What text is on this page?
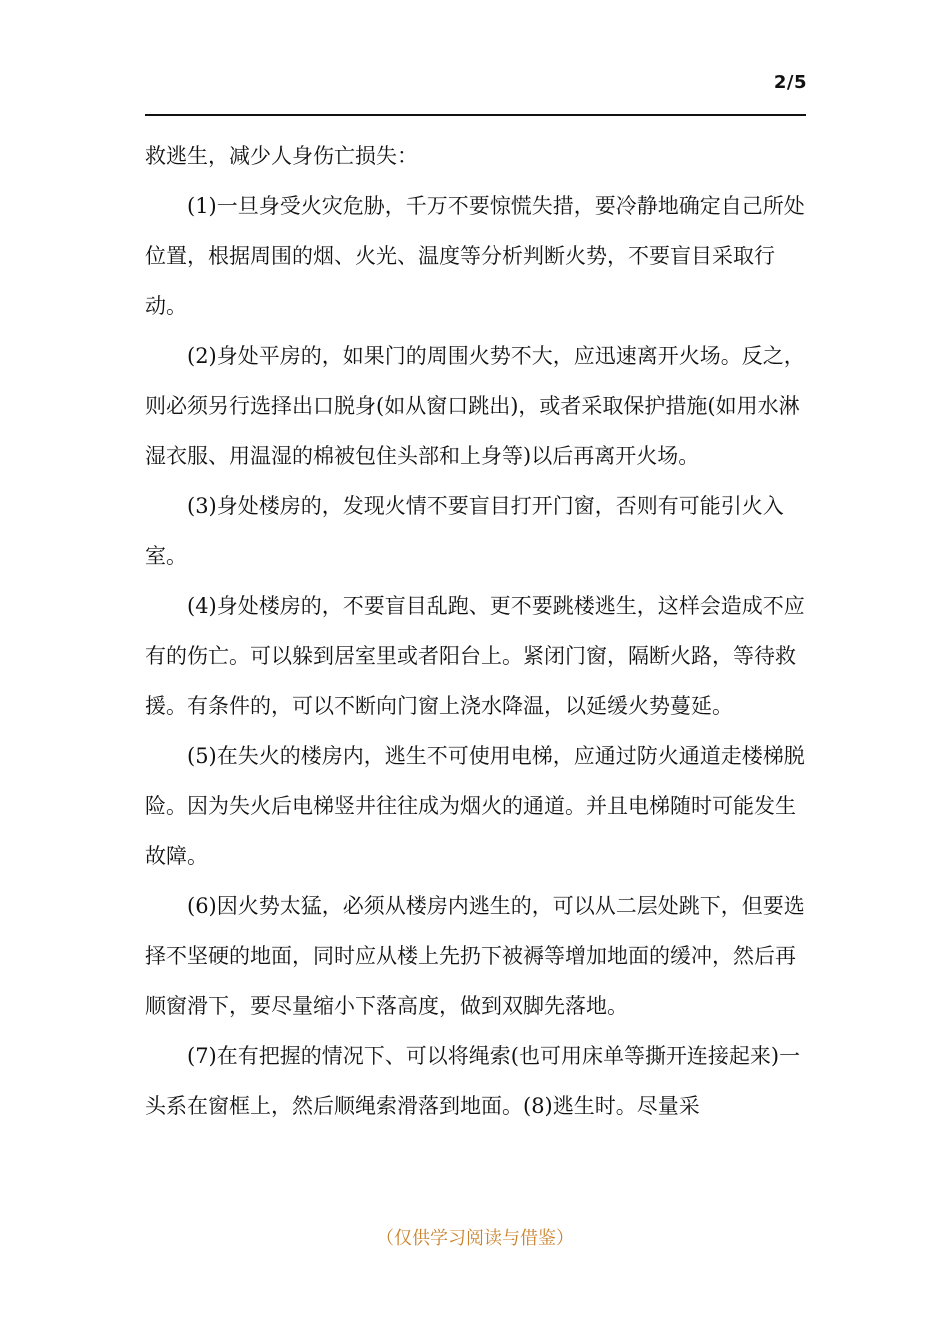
2/5

救逃生，减少人身伤亡损失：

(1)一旦身受火灾危胁，千万不要惊慌失措，要冷静地确定自己所处位置，根据周围的烟、火光、温度等分析判断火势，不要盲目采取行动。

(2)身处平房的，如果门的周围火势不大，应迅速离开火场。反之，则必须另行选择出口脱身(如从窗口跳出)，或者采取保护措施(如用水淋湿衣服、用温湿的棉被包住头部和上身等)以后再离开火场。

(3)身处楼房的，发现火情不要盲目打开门窗，否则有可能引火入室。

(4)身处楼房的，不要盲目乱跑、更不要跳楼逃生，这样会造成不应有的伤亡。可以躲到居室里或者阳台上。紧闭门窗，隔断火路，等待救援。有条件的，可以不断向门窗上浇水降温，以延缓火势蔓延。

(5)在失火的楼房内，逃生不可使用电梯，应通过防火通道走楼梯脱险。因为失火后电梯竖井往往成为烟火的通道。并且电梯随时可能发生故障。

(6)因火势太猛，必须从楼房内逃生的，可以从二层处跳下，但要选择不坚硬的地面，同时应从楼上先扔下被褥等增加地面的缓冲，然后再顺窗滑下，要尽量缩小下落高度，做到双脚先落地。

(7)在有把握的情况下、可以将绳索(也可用床单等撕开连接起来)一头系在窗框上，然后顺绳索滑落到地面。(8)逃生时。尽量采

（仅供学习阅读与借鉴）
